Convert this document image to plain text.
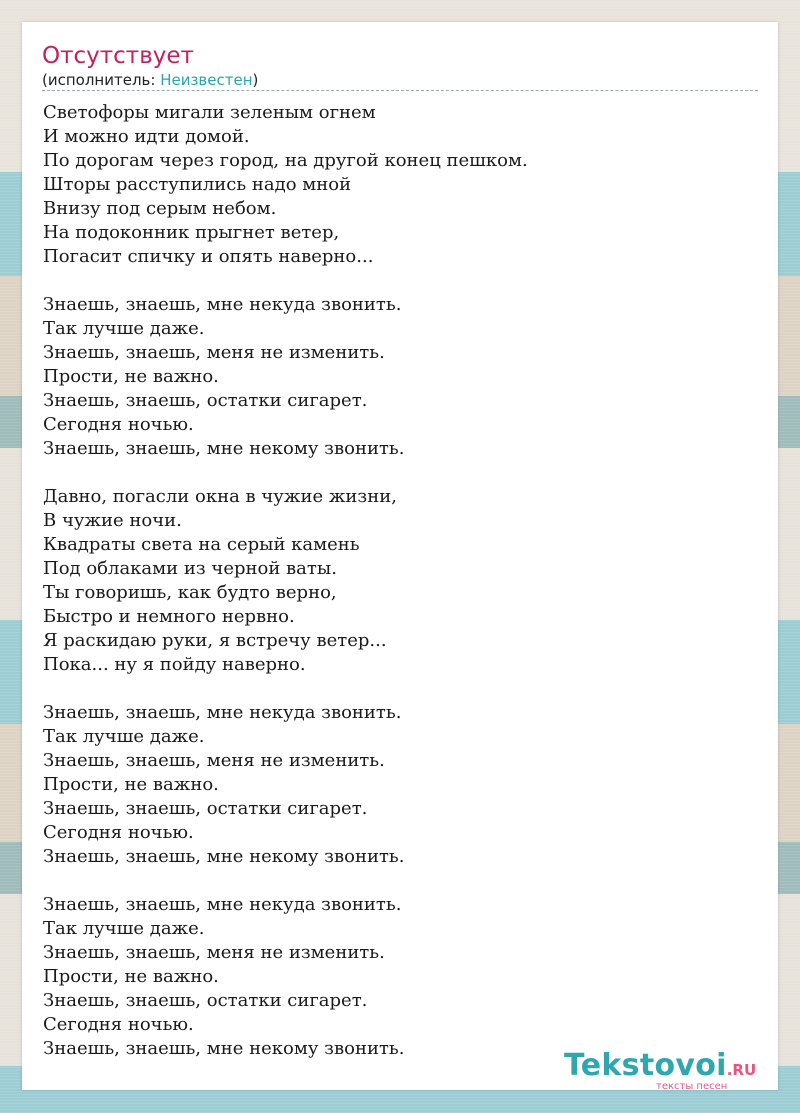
Отсутствует
(исполнитель: Неизвестен)
Светофоры мигали зеленым огнем
И можно идти домой.
По дорогам через город, на другой конец пешком.
Шторы расступились надо мной
Внизу под серым небом.
На подоконник прыгнет ветер,
Погасит спичку и опять наверно...
Знаешь, знаешь, мне некуда звонить.
Так лучше даже.
Знаешь, знаешь, меня не изменить.
Прости, не важно.
Знаешь, знаешь, остатки сигарет.
Сегодня ночью.
Знаешь, знаешь, мне некому звонить.
Давно, погасли окна в чужие жизни,
В чужие ночи.
Квадраты света на серый камень
Под облаками из черной ваты.
Ты говоришь, как будто верно,
Быстро и немного нервно.
Я раскидаю руки, я встречу ветер...
Пока... ну я пойду наверно.
Знаешь, знаешь, мне некуда звонить.
Так лучше даже.
Знаешь, знаешь, меня не изменить.
Прости, не важно.
Знаешь, знаешь, остатки сигарет.
Сегодня ночью.
Знаешь, знаешь, мне некому звонить.
Знаешь, знаешь, мне некуда звонить.
Так лучше даже.
Знаешь, знаешь, меня не изменить.
Прости, не важно.
Знаешь, знаешь, остатки сигарет.
Сегодня ночью.
Знаешь, знаешь, мне некому звонить.	Tekstovoi.RU
тексты песен
